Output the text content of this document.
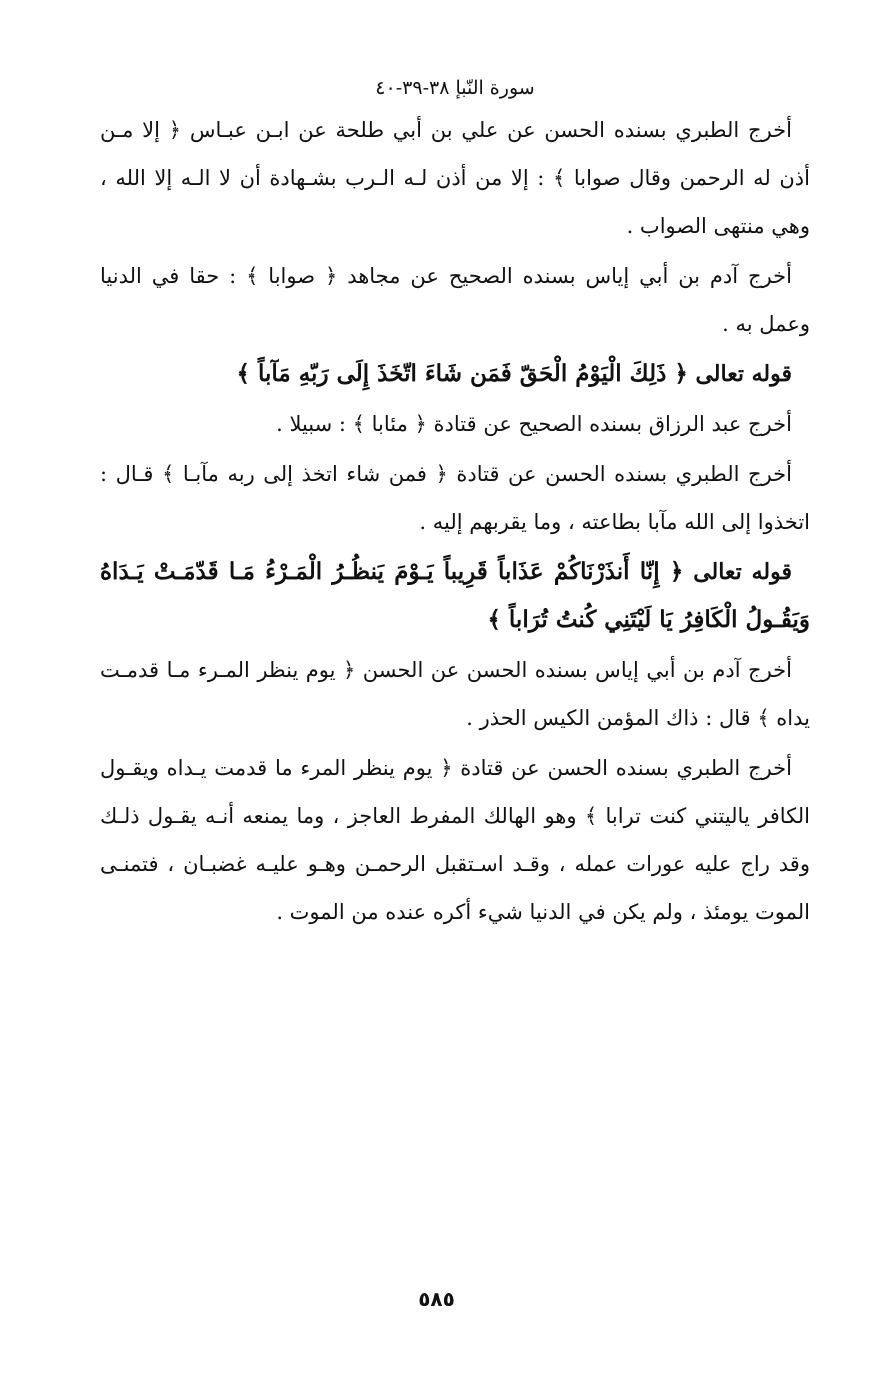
سورة النّبإ ٣٨-٣٩-٤٠

أخرج الطبري بسنده الحسن عن علي بن أبي طلحة عن ابـن عبـاس ﴿ إلا مـن أذن له الرحمن وقال صوابا ﴾ : إلا من أذن لـه الـرب بشـهادة أن لا الـه إلا الله ، وهي منتهى الصواب .

أخرج آدم بن أبي إياس بسنده الصحيح عن مجاهد ﴿ صوابا ﴾ : حقا في الدنيا وعمل به .

قوله تعالى ﴿ ذَلِكَ الْيَوْمُ الْحَقّ فَمَن شَاءَ اتّخَذَ إِلَى رَبّهِ مَآباً ﴾

أخرج عبد الرزاق بسنده الصحيح عن قتادة ﴿ مئابا ﴾ : سبيلا .

أخرج الطبري بسنده الحسن عن قتادة ﴿ فمن شاء اتخذ إلى ربه مآبـا ﴾ قـال : اتخذوا إلى الله مآبا بطاعته ، وما يقربهم إليه .

قوله تعالى ﴿ إِنّا أَنذَرْنَاكُمْ عَذَاباً قَرِيباً يَـوْمَ يَنظُـرُ الْمَـرْءُ مَـا قَدّمَـتْ يَـدَاهُ وَيَقُـولُ الْكَافِرُ يَا لَيْتَنِي كُنتُ تُرَاباً ﴾

أخرج آدم بن أبي إياس بسنده الحسن عن الحسن ﴿ يوم ينظر المـرء مـا قدمـت يداه ﴾ قال : ذاك المؤمن الكيس الحذر .

أخرج الطبري بسنده الحسن عن قتادة ﴿ يوم ينظر المرء ما قدمت يـداه ويقـول الكافر ياليتني كنت ترابا ﴾ وهو الهالك المفرط العاجز ، وما يمنعه أنـه يقـول ذلـك وقد راج عليه عورات عمله ، وقـد اسـتقبل الرحمـن وهـو عليـه غضبـان ، فتمنـى الموت يومئذ ، ولم يكن في الدنيا شيء أكره عنده من الموت .

٥٨٥
